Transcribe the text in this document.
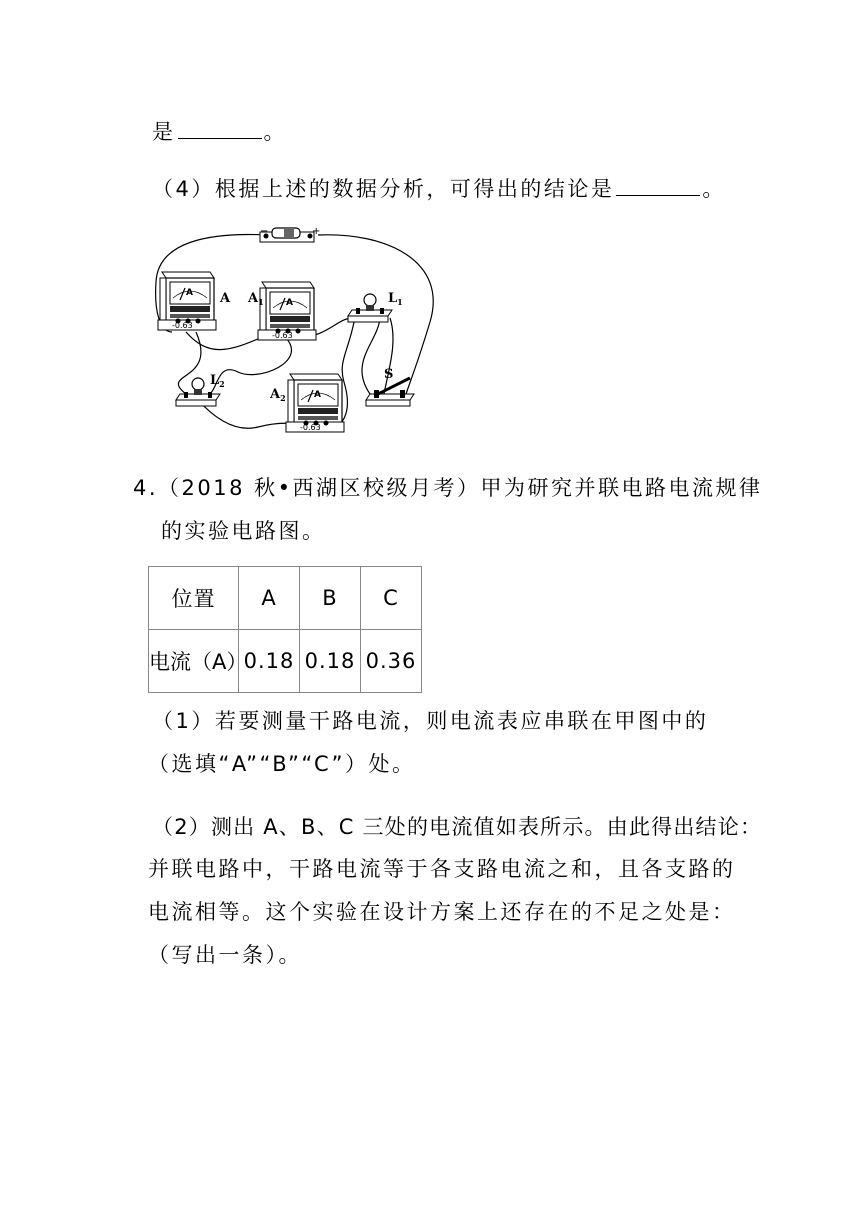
是	。
（4）根据上述的数据分析，可得出的结论是	。
−	+
A
-0.63
A	A
-0.63
$A_1$	$L_1$
$L_2$
A
-0.63
$A_2$
S
4.（2018 秋•西湖区校级月考）甲为研究并联电路电流规律
的实验电路图。
位置	A	B	C
电流（A）	0.18	0.18	0.36
（1）若要测量干路电流，则电流表应串联在甲图中的
（选填“A”“B”“C”）处。
（2）测出 A、B、C 三处的电流值如表所示。由此得出结论：
并联电路中，干路电流等于各支路电流之和，且各支路的
电流相等。这个实验在设计方案上还存在的不足之处是：
（写出一条）。
